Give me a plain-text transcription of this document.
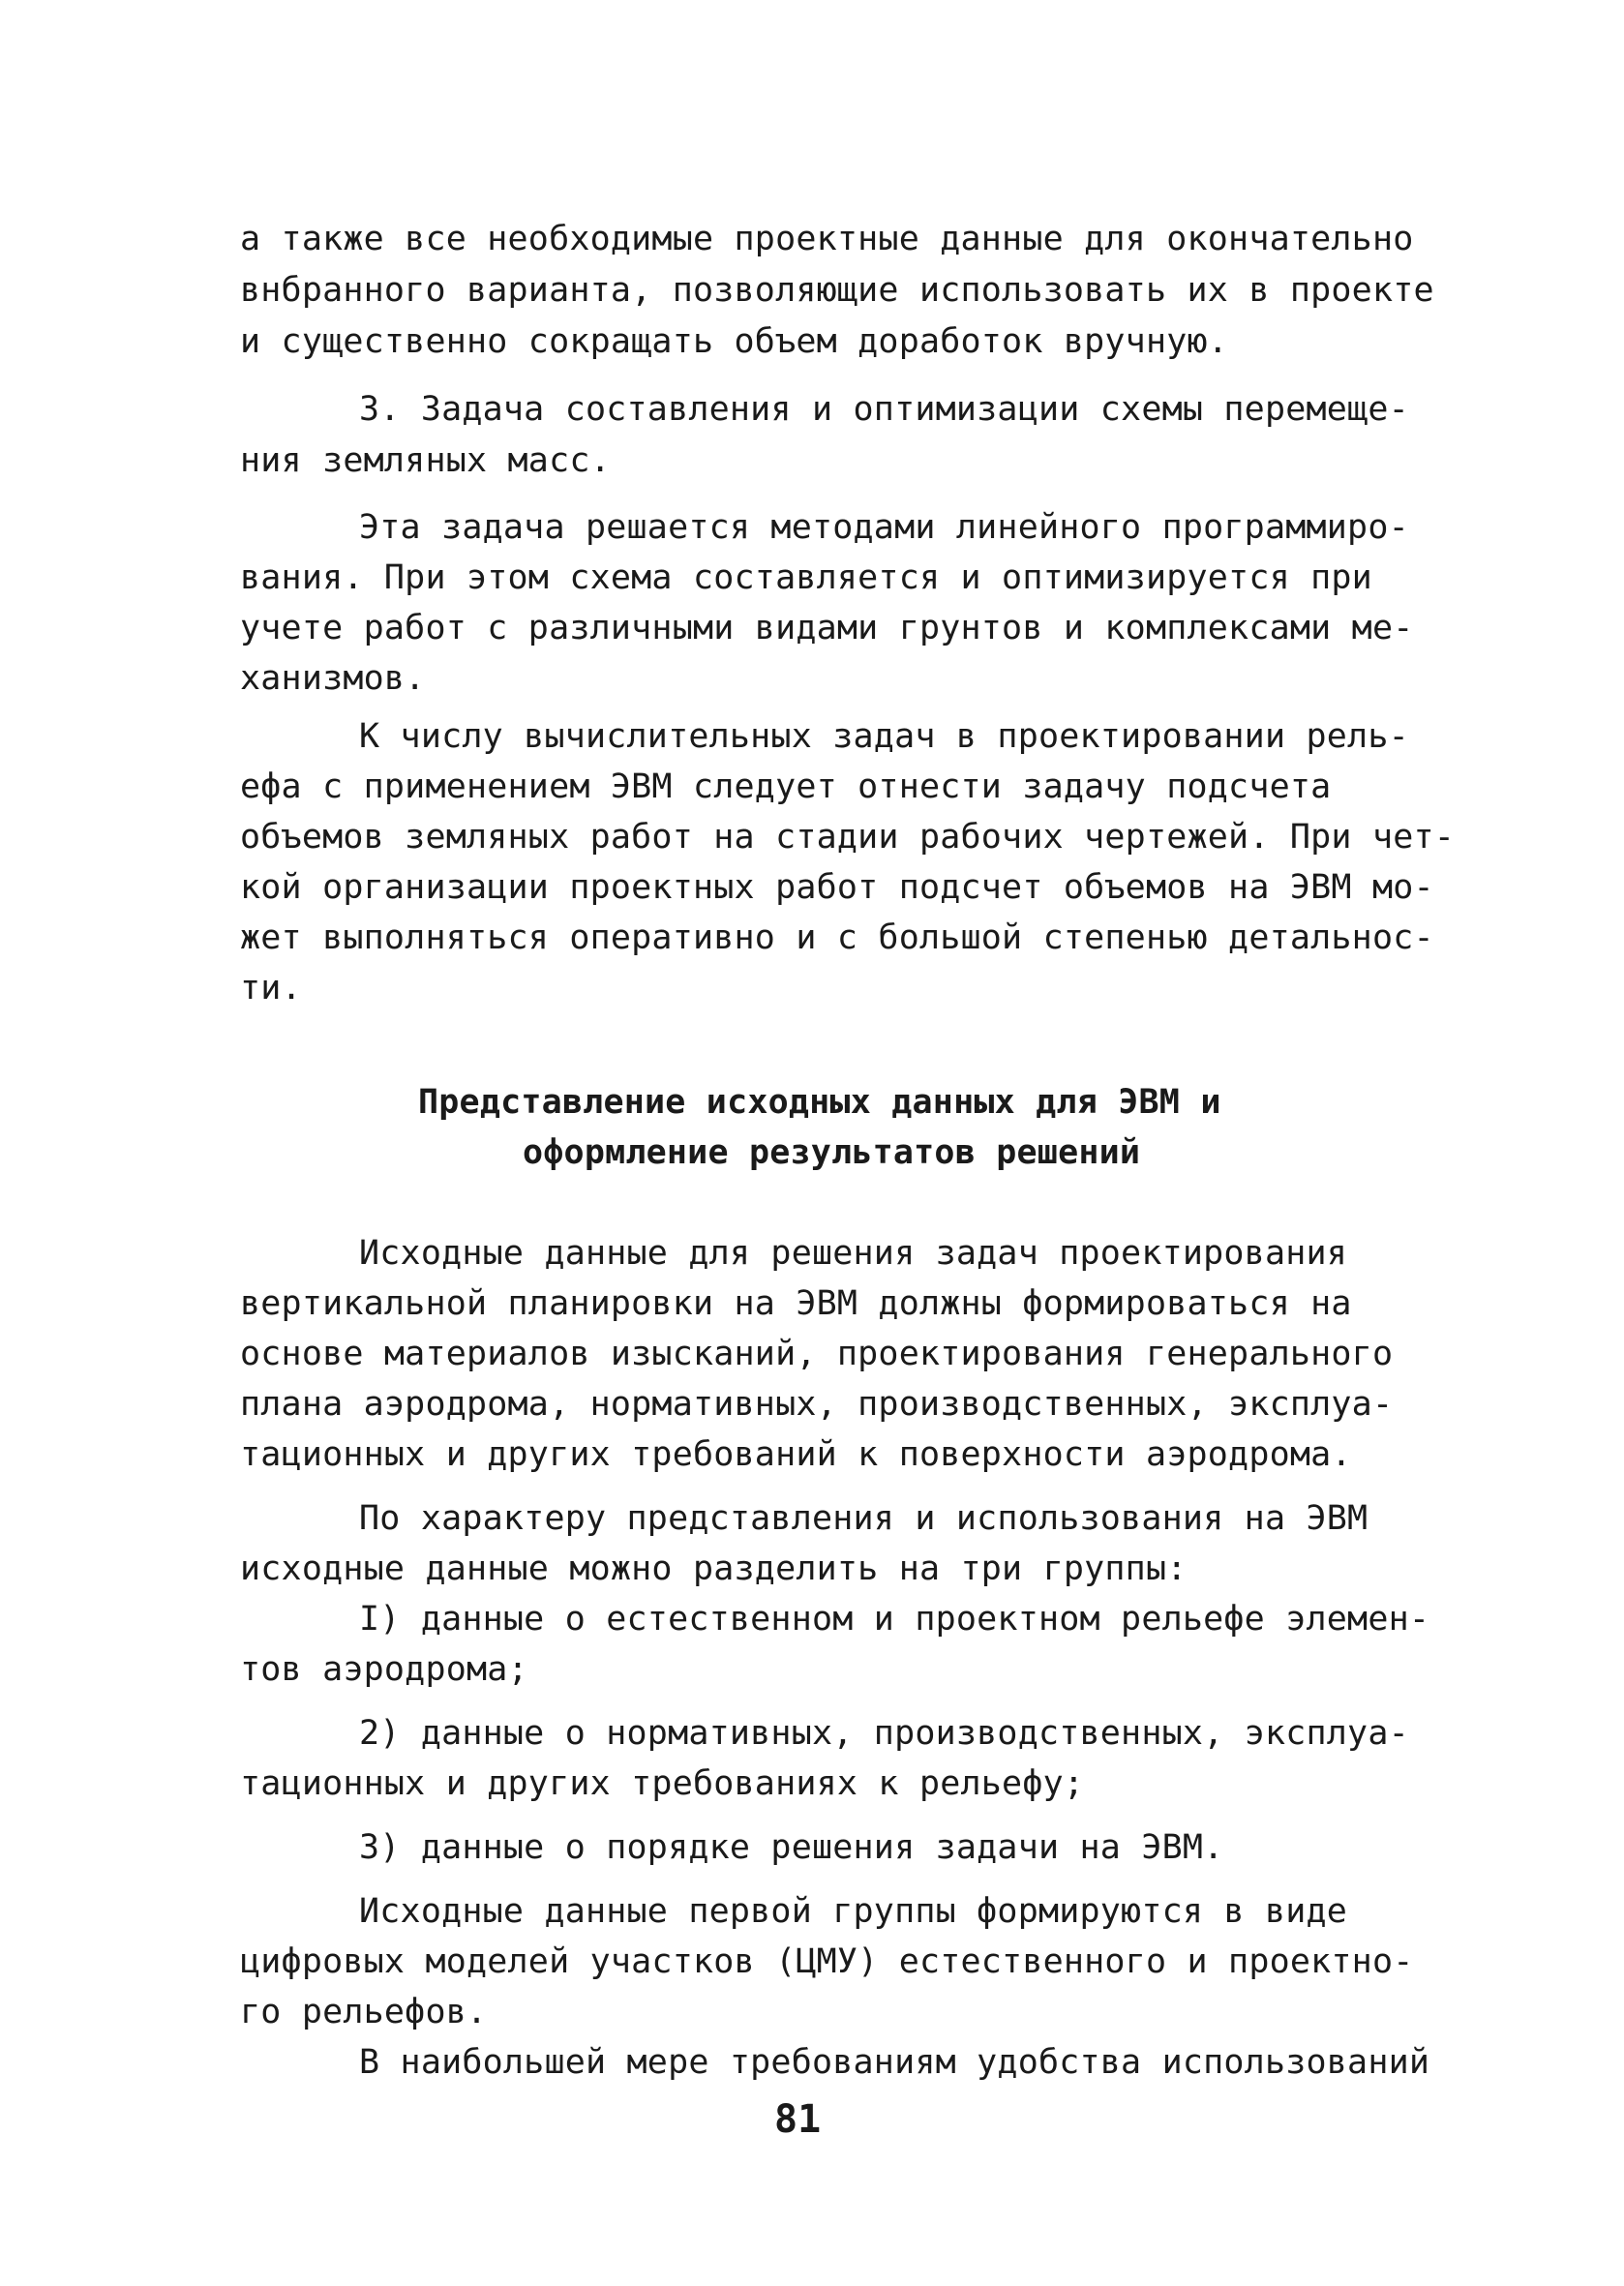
а также все необходимые проектные данные для окончательно
внбранного варианта, позволяющие использовать их в проекте
и существенно сокращать объем доработок вручную.
3. Задача составления и оптимизации схемы перемеще-
ния земляных масс.
Эта задача решается методами линейного программиро-
вания. При этом схема составляется и оптимизируется при
учете работ с различными видами грунтов и комплексами ме-
ханизмов.
К числу вычислительных задач в проектировании рель-
ефа с применением ЭВМ следует отнести задачу подсчета
объемов земляных работ на стадии рабочих чертежей. При чет-
кой организации проектных работ подсчет объемов на ЭВМ мо-
жет выполняться оперативно и с большой степенью детальнос-
ти.
Представление исходных данных для ЭВМ и
оформление результатов решений
Исходные данные для решения задач проектирования
вертикальной планировки на ЭВМ должны формироваться на
основе материалов изысканий, проектирования генерального
плана аэродрома, нормативных, производственных, эксплуа-
тационных и других требований к поверхности аэродрома.
По характеру представления и использования на ЭВМ
исходные данные можно разделить на три группы:
I) данные о естественном и проектном рельефе элемен-
тов аэродрома;
2) данные о нормативных, производственных, эксплуа-
тационных и других требованиях к рельефу;
3) данные о порядке решения задачи на ЭВМ.
Исходные данные первой группы формируются в виде
цифровых моделей участков (ЦМУ) естественного и проектно-
го рельефов.
В наибольшей мере требованиям удобства использований
81
